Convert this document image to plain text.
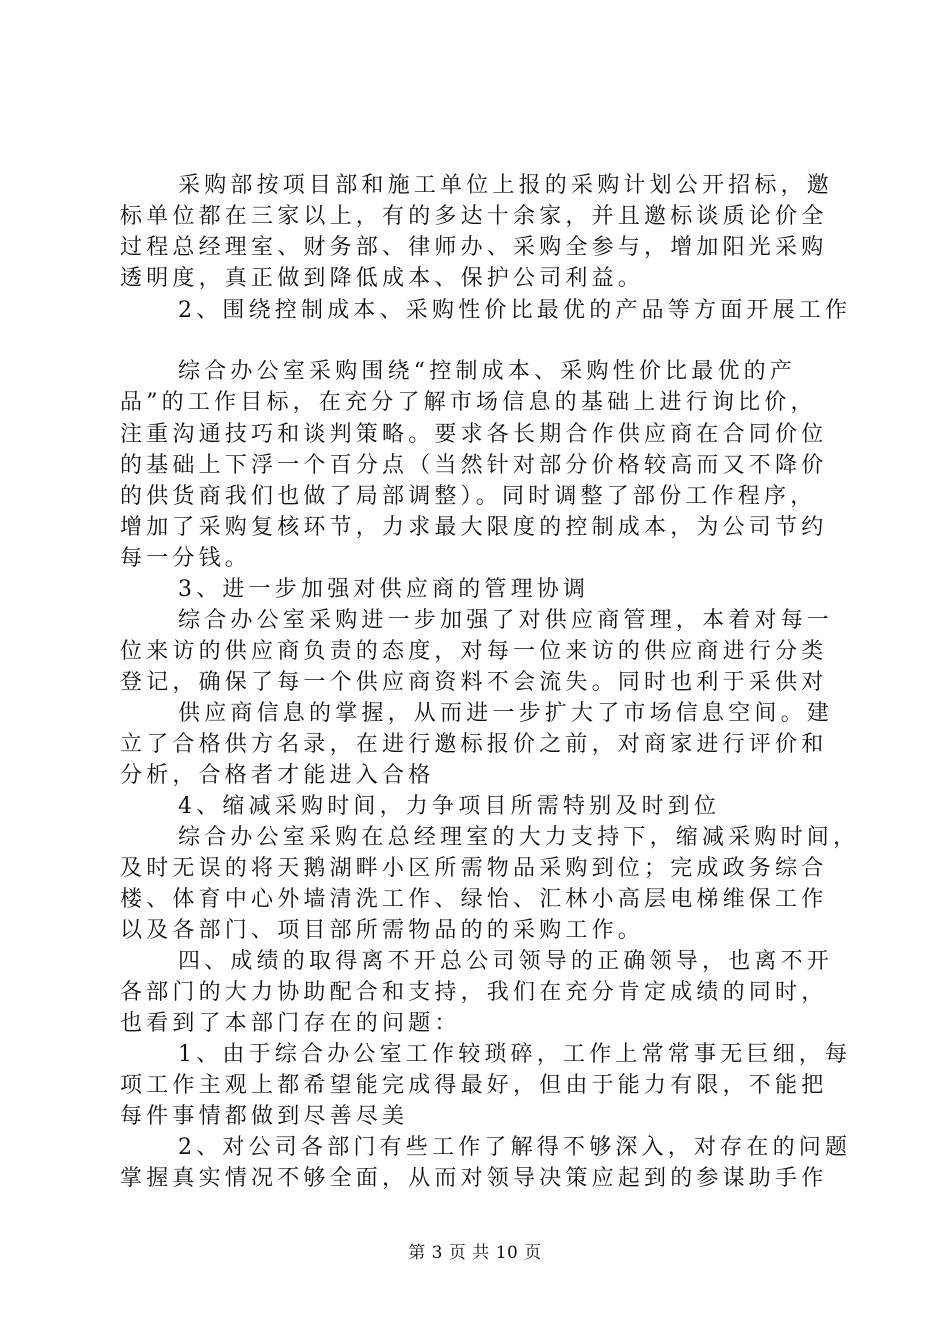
采购部按项目部和施工单位上报的采购计划公开招标，邀
标单位都在三家以上，有的多达十余家，并且邀标谈质论价全
过程总经理室、财务部、律师办、采购全参与，增加阳光采购
透明度，真正做到降低成本、保护公司利益。
2、围绕控制成本、采购性价比最优的产品等方面开展工作
综合办公室采购围绕“控制成本、采购性价比最优的产
品”的工作目标，在充分了解市场信息的基础上进行询比价，
注重沟通技巧和谈判策略。要求各长期合作供应商在合同价位
的基础上下浮一个百分点（当然针对部分价格较高而又不降价
的供货商我们也做了局部调整）。同时调整了部份工作程序，
增加了采购复核环节，力求最大限度的控制成本，为公司节约
每一分钱。
3、进一步加强对供应商的管理协调
综合办公室采购进一步加强了对供应商管理，本着对每一
位来访的供应商负责的态度，对每一位来访的供应商进行分类
登记，确保了每一个供应商资料不会流失。同时也利于采供对
供应商信息的掌握，从而进一步扩大了市场信息空间。建
立了合格供方名录，在进行邀标报价之前，对商家进行评价和
分析，合格者才能进入合格
4、缩减采购时间，力争项目所需特别及时到位
综合办公室采购在总经理室的大力支持下，缩减采购时间，
及时无误的将天鹅湖畔小区所需物品采购到位；完成政务综合
楼、体育中心外墙清洗工作、绿怡、汇林小高层电梯维保工作
以及各部门、项目部所需物品的的采购工作。
四、成绩的取得离不开总公司领导的正确领导，也离不开
各部门的大力协助配合和支持，我们在充分肯定成绩的同时，
也看到了本部门存在的问题：
1、由于综合办公室工作较琐碎，工作上常常事无巨细，每
项工作主观上都希望能完成得最好，但由于能力有限，不能把
每件事情都做到尽善尽美
2、对公司各部门有些工作了解得不够深入，对存在的问题
掌握真实情况不够全面，从而对领导决策应起到的参谋助手作
第 3 页 共 10 页
